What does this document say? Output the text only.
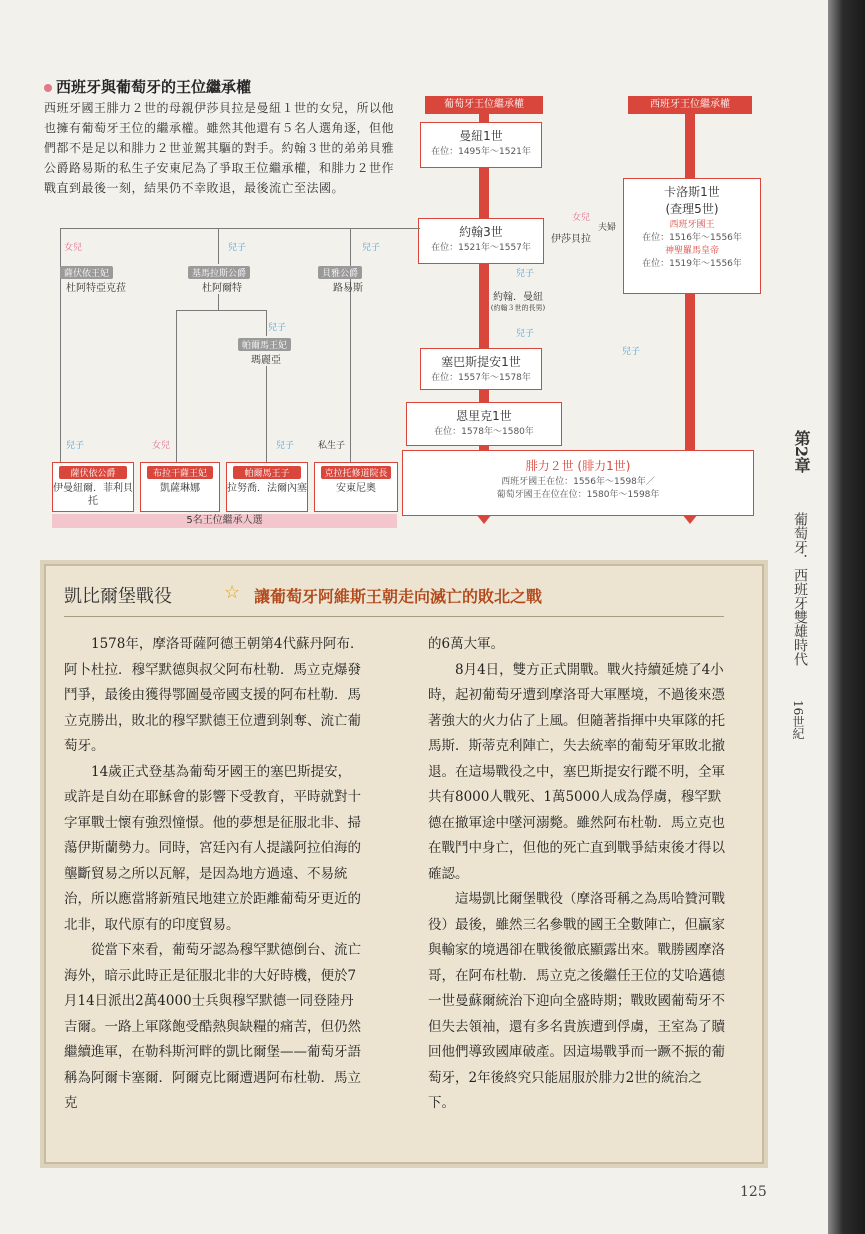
西班牙與葡萄牙的王位繼承權
西班牙國王腓力２世的母親伊莎貝拉是曼紐１世的女兒，所以他也擁有葡萄牙王位的繼承權。雖然其他還有５名人選角逐，但他們都不是足以和腓力２世並駕其驅的對手。約翰３世的弟弟貝雅公爵路易斯的私生子安東尼為了爭取王位繼承權，和腓力２世作戰直到最後一刻，結果仍不幸敗退，最後流亡至法國。
葡萄牙王位繼承權	西班牙王位繼承權
曼紐1世
在位：1495年〜1521年
約翰3世
在位：1521年〜1557年
約翰．曼紐
(約翰３世的長男)
塞巴斯提安1世
在位：1557年〜1578年
恩里克1世
在位：1578年〜1580年
卡洛斯1世
(查理5世)
西班牙國王
在位：1516年〜1556年
神聖羅馬皇帝
在位：1519年〜1556年
伊莎貝拉
女兒
夫婦
薩伏依王妃
杜阿特亞克菈
基馬拉斯公爵
杜阿爾特
貝雅公爵
路易斯
帕爾馬王妃
瑪麗亞
女兒	兒子	兒子
兒子
兒子	女兒	兒子	私生子
兒子
兒子
兒子
薩伏依公爵
伊曼紐爾．菲利貝托
布拉干薩王妃
凱薩琳娜
帕爾馬王子
拉努喬．法爾內塞
克拉托修道院長
安東尼奧
5名王位繼承人選
腓力２世 (腓力1世)
西班牙國王在位：1556年〜1598年／
葡萄牙國王在位在位：1580年〜1598年
凱比爾堡戰役	☆ 讓葡萄牙阿維斯王朝走向滅亡的敗北之戰

1578年，摩洛哥薩阿德王朝第4代蘇丹阿布．阿卜杜拉．穆罕默德與叔父阿布杜勒．馬立克爆發鬥爭，最後由獲得鄂圖曼帝國支援的阿布杜勒．馬立克勝出，敗北的穆罕默德王位遭到剝奪、流亡葡萄牙。

14歲正式登基為葡萄牙國王的塞巴斯提安，或許是自幼在耶穌會的影響下受教育，平時就對十字軍戰士懷有強烈憧憬。他的夢想是征服北非、掃蕩伊斯蘭勢力。同時，宮廷內有人提議阿拉伯海的壟斷貿易之所以瓦解，是因為地方過遠、不易統治，所以應當將新殖民地建立於距離葡萄牙更近的北非，取代原有的印度貿易。

從當下來看，葡萄牙認為穆罕默德倒台、流亡海外，暗示此時正是征服北非的大好時機，便於7月14日派出2萬4000士兵與穆罕默德一同登陸丹吉爾。一路上軍隊飽受酷熱與缺糧的痛苦，但仍然繼續進軍，在勒科斯河畔的凱比爾堡——葡萄牙語稱為阿爾卡塞爾．阿爾克比爾遭遇阿布杜勒．馬立克

的6萬大軍。

8月4日，雙方正式開戰。戰火持續延燒了4小時，起初葡萄牙遭到摩洛哥大軍壓境，不過後來憑著強大的火力佔了上風。但隨著指揮中央軍隊的托馬斯．斯蒂克利陣亡，失去統率的葡萄牙軍敗北撤退。在這場戰役之中，塞巴斯提安行蹤不明，全軍共有8000人戰死、1萬5000人成為俘虜，穆罕默德在撤軍途中墜河溺斃。雖然阿布杜勒．馬立克也在戰鬥中身亡，但他的死亡直到戰爭結束後才得以確認。

這場凱比爾堡戰役（摩洛哥稱之為馬哈贊河戰役）最後，雖然三名參戰的國王全數陣亡，但贏家與輸家的境遇卻在戰後徹底顯露出來。戰勝國摩洛哥，在阿布杜勒．馬立克之後繼任王位的艾哈邁德一世曼蘇爾統治下迎向全盛時期；戰敗國葡萄牙不但失去領袖，還有多名貴族遭到俘虜，王室為了贖回他們導致國庫破產。因這場戰爭而一蹶不振的葡萄牙，2年後終究只能屈服於腓力2世的統治之下。

第2章
葡萄牙．西班牙雙雄時代
16世紀
125
